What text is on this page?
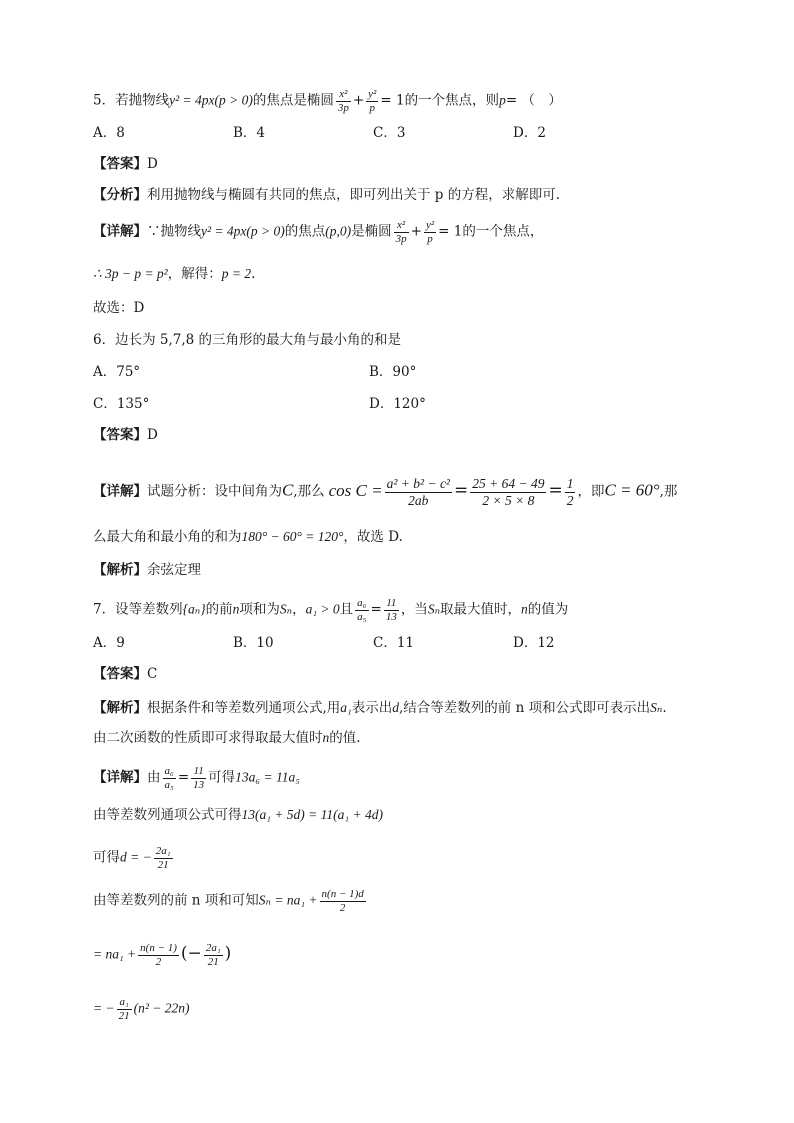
5．若抛物线y² = 4px(p > 0)的焦点是椭圆 $\frac{\text{x²}}{3p} + \frac{\text{y²}}{p} = 1$的一个焦点，则p= （　）
A．8	B．4	C．3	D．2
【答案】D
【分析】利用抛物线与椭圆有共同的焦点，即可列出关于 p 的方程，求解即可.
【详解】∵抛物线y² = 4px(p > 0)的焦点(p,0)是椭圆 $\frac{\text{x²}}{3p} + \frac{\text{y²}}{p} = 1$的一个焦点，
∴ 3p − p = p²，解得：p = 2.
故选：D
6．边长为 5,7,8 的三角形的最大角与最小角的和是
A．75°	B．90°
C．135°	D．120°
【答案】D
【详解】试题分析：设中间角为C,那么 $\cos C = \frac{\text{a² + b² − c²}}{2ab} = \frac{25 + 64 - 49}{2 \times 5 \times 8} = \frac{1}{2}$ ，即C = 60°,那
么最大角和最小角的和为180° − 60° = 120°，故选 D.
【解析】余弦定理
7．设等差数列{aₙ}的前n项和为Sₙ，a₁ > 0且 $\frac{\text{a₆}}{\text{a₅}} = \frac{11}{13}$ ，当Sₙ取最大值时，n的值为
A．9	B．10	C．11	D．12
【答案】C
【解析】根据条件和等差数列通项公式,用a₁表示出d,结合等差数列的前 n 项和公式即可表示出Sₙ.
由二次函数的性质即可求得取最大值时n的值.
【详解】由 $\frac{\text{a₆}}{\text{a₅}} = \frac{11}{13}$ 可得13a₆ = 11a₅
由等差数列通项公式可得13(a₁ + 5d) = 11(a₁ + 4d)
可得d = − $\frac{\text{2a₁}}{21}$
由等差数列的前 n 项和可知$S_n = na_1 + \frac{n(n - 1)d}{2}$
= $na_1 + \frac{n(n - 1)}{2}$ (− $\frac{\text{2a₁}}{21}$ )
= − $\frac{\text{a₁}}{21} (n^2 - 22n)$
